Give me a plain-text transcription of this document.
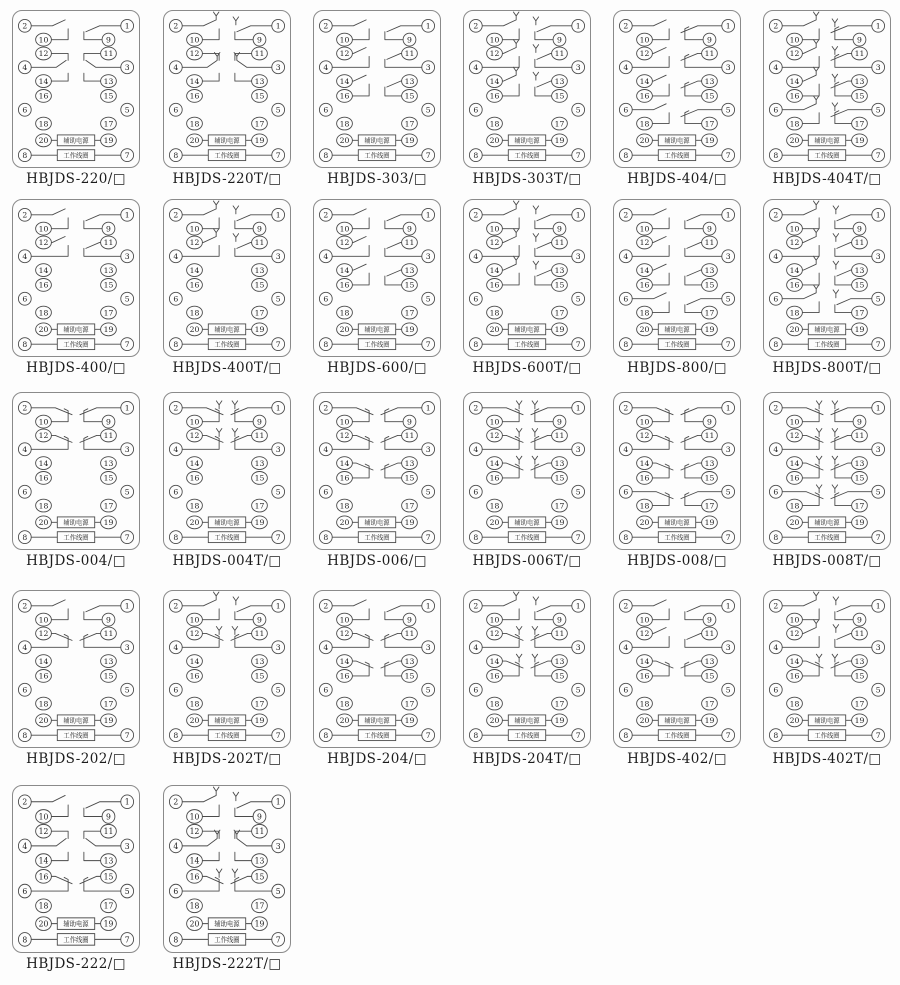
辅助电源
工作线圈
1
2
3
4
5
6
7
8
9
10
11
12
13
14
15
16
17
18
19
20
HBJDS-220/□
辅助电源
工作线圈
1
2
3
4
5
6
7
8
9
10
11
12
13
14
15
16
17
18
19
20
HBJDS-220T/□
辅助电源
工作线圈
1
2
3
4
5
6
7
8
9
10
11
12
13
14
15
16
17
18
19
20
HBJDS-303/□
辅助电源
工作线圈
1
2
3
4
5
6
7
8
9
10
11
12
13
14
15
16
17
18
19
20
HBJDS-303T/□
辅助电源
工作线圈
1
2
3
4
5
6
7
8
9
10
11
12
13
14
15
16
17
18
19
20
HBJDS-404/□
辅助电源
工作线圈
1
2
3
4
5
6
7
8
9
10
11
12
13
14
15
16
17
18
19
20
HBJDS-404T/□
辅助电源
工作线圈
1
2
3
4
5
6
7
8
9
10
11
12
13
14
15
16
17
18
19
20
HBJDS-400/□
辅助电源
工作线圈
1
2
3
4
5
6
7
8
9
10
11
12
13
14
15
16
17
18
19
20
HBJDS-400T/□
辅助电源
工作线圈
1
2
3
4
5
6
7
8
9
10
11
12
13
14
15
16
17
18
19
20
HBJDS-600/□
辅助电源
工作线圈
1
2
3
4
5
6
7
8
9
10
11
12
13
14
15
16
17
18
19
20
HBJDS-600T/□
辅助电源
工作线圈
1
2
3
4
5
6
7
8
9
10
11
12
13
14
15
16
17
18
19
20
HBJDS-800/□
辅助电源
工作线圈
1
2
3
4
5
6
7
8
9
10
11
12
13
14
15
16
17
18
19
20
HBJDS-800T/□
辅助电源
工作线圈
1
2
3
4
5
6
7
8
9
10
11
12
13
14
15
16
17
18
19
20
HBJDS-004/□
辅助电源
工作线圈
1
2
3
4
5
6
7
8
9
10
11
12
13
14
15
16
17
18
19
20
HBJDS-004T/□
辅助电源
工作线圈
1
2
3
4
5
6
7
8
9
10
11
12
13
14
15
16
17
18
19
20
HBJDS-006/□
辅助电源
工作线圈
1
2
3
4
5
6
7
8
9
10
11
12
13
14
15
16
17
18
19
20
HBJDS-006T/□
辅助电源
工作线圈
1
2
3
4
5
6
7
8
9
10
11
12
13
14
15
16
17
18
19
20
HBJDS-008/□
辅助电源
工作线圈
1
2
3
4
5
6
7
8
9
10
11
12
13
14
15
16
17
18
19
20
HBJDS-008T/□
辅助电源
工作线圈
1
2
3
4
5
6
7
8
9
10
11
12
13
14
15
16
17
18
19
20
HBJDS-202/□
辅助电源
工作线圈
1
2
3
4
5
6
7
8
9
10
11
12
13
14
15
16
17
18
19
20
HBJDS-202T/□
辅助电源
工作线圈
1
2
3
4
5
6
7
8
9
10
11
12
13
14
15
16
17
18
19
20
HBJDS-204/□
辅助电源
工作线圈
1
2
3
4
5
6
7
8
9
10
11
12
13
14
15
16
17
18
19
20
HBJDS-204T/□
辅助电源
工作线圈
1
2
3
4
5
6
7
8
9
10
11
12
13
14
15
16
17
18
19
20
HBJDS-402/□
辅助电源
工作线圈
1
2
3
4
5
6
7
8
9
10
11
12
13
14
15
16
17
18
19
20
HBJDS-402T/□
辅助电源
工作线圈
1
2
3
4
5
6
7
8
9
10
11
12
13
14
15
16
17
18
19
20
HBJDS-222/□
辅助电源
工作线圈
1
2
3
4
5
6
7
8
9
10
11
12
13
14
15
16
17
18
19
20
HBJDS-222T/□
